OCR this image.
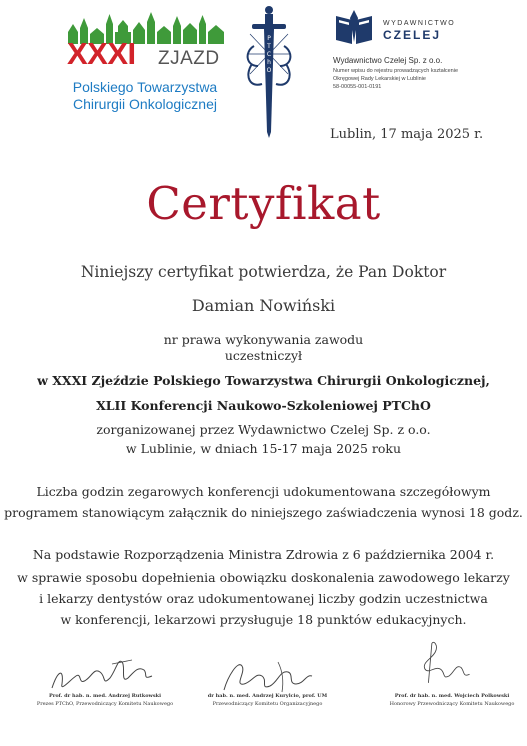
XXXI ZJAZD
Polskiego Towarzystwa
Chirurgii Onkologicznej
P
T
C
h
O
WYDAWNICTWO
CZELEJ
Wydawnictwo Czelej Sp. z o.o.
Numer wpisu do rejestru prowadzących kształcenie
Okręgowej Rady Lekarskiej w Lublinie
58-00055-001-0191
Lublin, 17 maja 2025 r.
Certyfikat
Niniejszy certyfikat potwierdza, że Pan Doktor
Damian Nowiński
nr prawa wykonywania zawodu
uczestniczył
w XXXI Zjeździe Polskiego Towarzystwa Chirurgii Onkologicznej,
XLII Konferencji Naukowo-Szkoleniowej PTChO
zorganizowanej przez Wydawnictwo Czelej Sp. z o.o.
w Lublinie, w dniach 15-17 maja 2025 roku
Liczba godzin zegarowych konferencji udokumentowana szczegółowym
programem stanowiącym załącznik do niniejszego zaświadczenia wynosi 18 godz.
Na podstawie Rozporządzenia Ministra Zdrowia z 6 października 2004 r.
w sprawie sposobu dopełnienia obowiązku doskonalenia zawodowego lekarzy
i lekarzy dentystów oraz udokumentowanej liczby godzin uczestnictwa
w konferencji, lekarzowi przysługuje 18 punktów edukacyjnych.
Prof. dr hab. n. med. Andrzej Rutkowski
Prezes PTChO, Przewodniczący Komitetu Naukowego
dr hab. n. med. Andrzej Kurylcio, prof. UM
Przewodniczący Komitetu Organizacyjnego
Prof. dr hab. n. med. Wojciech Polkowski
Honorowy Przewodniczący Komitetu Naukowego
